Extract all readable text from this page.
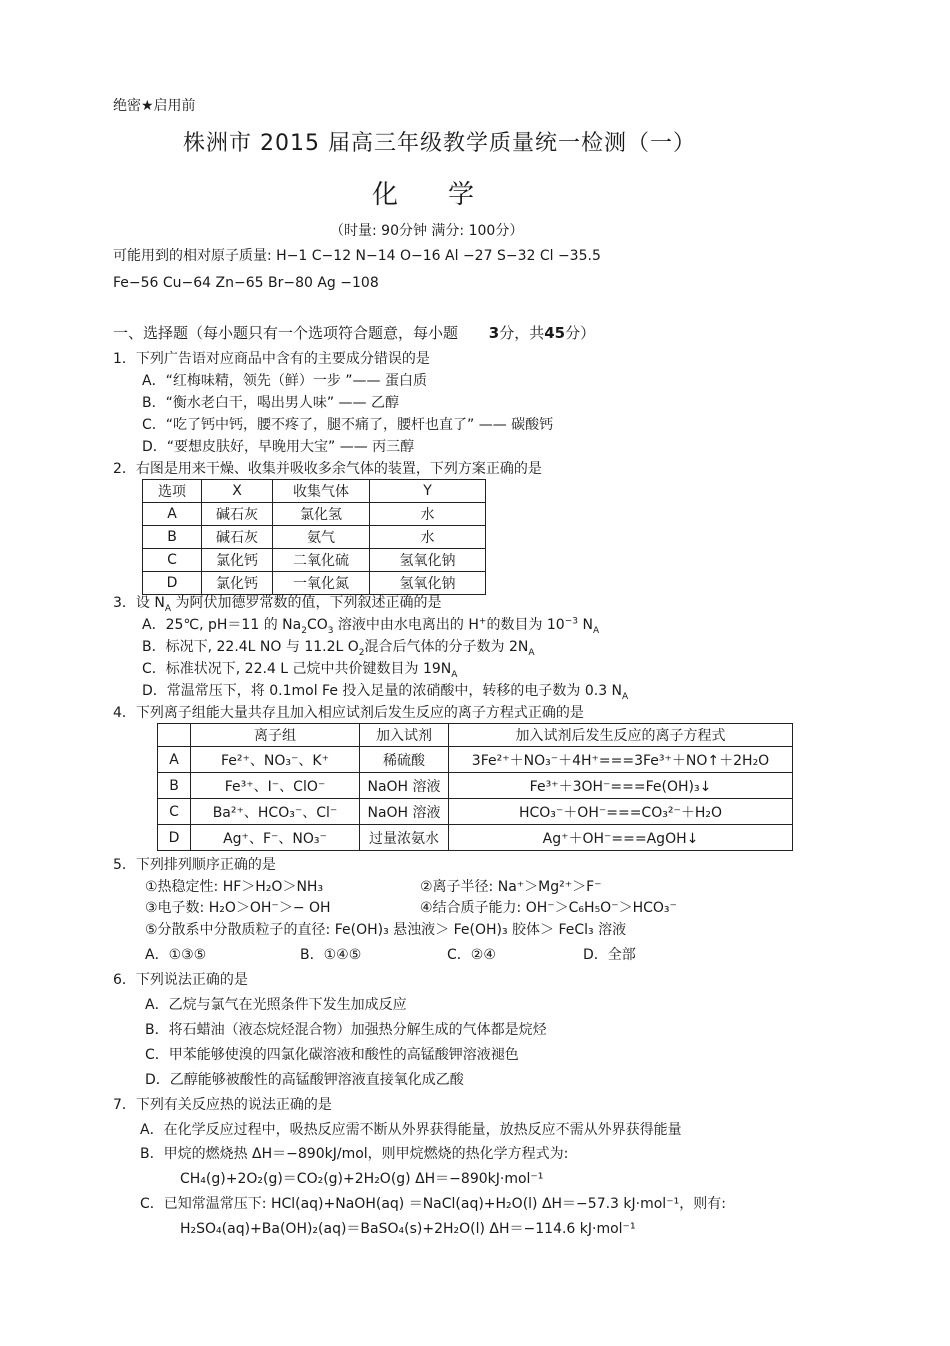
绝密★启用前
株洲市 2015 届高三年级教学质量统一检测（一）
化学
（时量: 90分钟 满分: 100分）
可能用到的相对原子质量: H−1 C−12 N−14 O−16 Al −27 S−32 Cl −35.5
Fe−56 Cu−64 Zn−65 Br−80 Ag −108
一、选择题（每小题只有一个选项符合题意，每小题 3分，共45分）
1．下列广告语对应商品中含有的主要成分错误的是
A．“红梅味精，领先（鲜）一步 ”—— 蛋白质
B．“衡水老白干，喝出男人味” —— 乙醇
C．“吃了钙中钙，腰不疼了，腿不痛了，腰杆也直了” —— 碳酸钙
D．“要想皮肤好，早晚用大宝” —— 丙三醇
2．右图是用来干燥、收集并吸收多余气体的装置，下列方案正确的是
选项	X	收集气体	Y
A	碱石灰	氯化氢	水
B	碱石灰	氨气	水
C	氯化钙	二氧化硫	氢氧化钠
D	氯化钙	一氧化氮	氢氧化钠
3．设 $N_A$ 为阿伏加德罗常数的值，下列叙述正确的是
A．25℃, pH＝11 的 $Na_2CO_3$ 溶液中由水电离出的 H+的数目为 $10^{-3}$ $N_A$
B．标况下, 22.4L NO 与 11.2L $O_2$混合后气体的分子数为 $2N_A$
C．标准状况下, 22.4 L 己烷中共价键数目为 $19N_A$
D．常温常压下，将 0.1mol Fe 投入足量的浓硝酸中，转移的电子数为 0.3 $N_A$
4．下列离子组能大量共存且加入相应试剂后发生反应的离子方程式正确的是
	离子组	加入试剂	加入试剂后发生反应的离子方程式
A	Fe²⁺、NO₃⁻、K⁺	稀硫酸	3Fe²⁺＋NO₃⁻＋4H⁺===3Fe³⁺＋NO↑＋2H₂O
B	Fe³⁺、I⁻、ClO⁻	NaOH 溶液	Fe³⁺＋3OH⁻===Fe(OH)₃↓
C	Ba²⁺、HCO₃⁻、Cl⁻	NaOH 溶液	HCO₃⁻＋OH⁻===CO₃²⁻＋H₂O
D	Ag⁺、F⁻、NO₃⁻	过量浓氨水	Ag⁺＋OH⁻===AgOH↓
5．下列排列顺序正确的是
①热稳定性: HF＞H₂O＞NH₃	②离子半径: Na⁺＞Mg²⁺＞F⁻
③电子数: H₂O＞OH⁻＞− OH	④结合质子能力: OH⁻＞C₆H₅O⁻＞HCO₃⁻
⑤分散系中分散质粒子的直径: Fe(OH)₃ 悬浊液＞ Fe(OH)₃ 胶体＞ FeCl₃ 溶液
A．①③⑤	B．①④⑤	C．②④	D．全部
6．下列说法正确的是
A．乙烷与氯气在光照条件下发生加成反应
B．将石蜡油（液态烷烃混合物）加强热分解生成的气体都是烷烃
C．甲苯能够使溴的四氯化碳溶液和酸性的高锰酸钾溶液褪色
D．乙醇能够被酸性的高锰酸钾溶液直接氧化成乙酸
7．下列有关反应热的说法正确的是
A．在化学反应过程中，吸热反应需不断从外界获得能量，放热反应不需从外界获得能量
B．甲烷的燃烧热 ΔH＝−890kJ/mol，则甲烷燃烧的热化学方程式为:
CH₄(g)+2O₂(g)＝CO₂(g)+2H₂O(g) ΔH＝−890kJ·mol⁻¹
C．已知常温常压下: HCl(aq)+NaOH(aq) ＝NaCl(aq)+H₂O(l) ΔH＝−57.3 kJ·mol⁻¹，则有:
H₂SO₄(aq)+Ba(OH)₂(aq)＝BaSO₄(s)+2H₂O(l) ΔH＝−114.6 kJ·mol⁻¹
